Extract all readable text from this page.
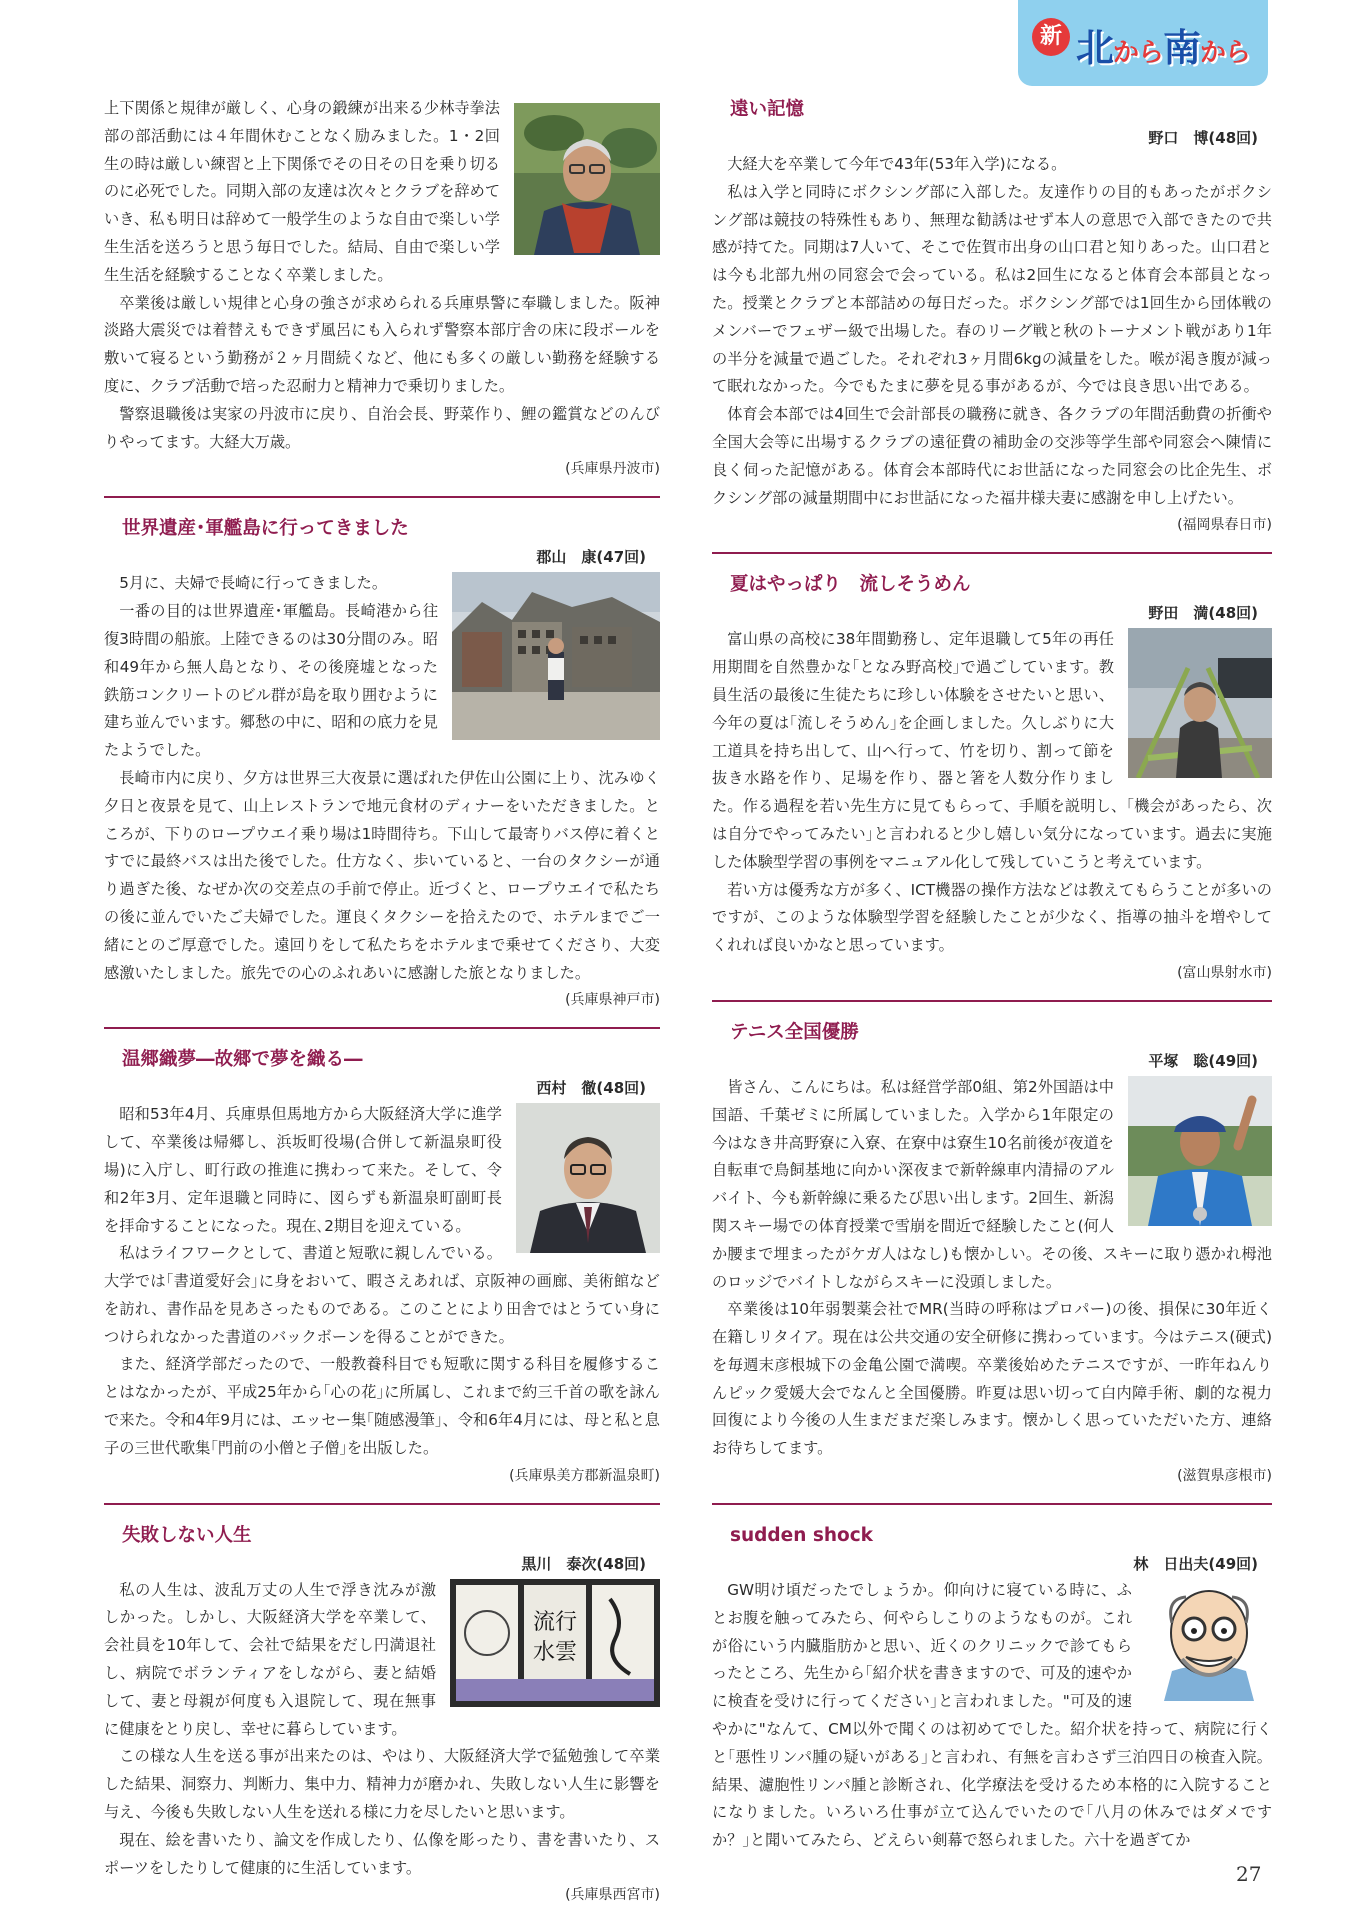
新 北から南から

上下関係と規律が厳しく、心身の鍛練が出来る少林寺拳法部の部活動には４年間休むことなく励みました。1・2回生の時は厳しい練習と上下関係でその日その日を乗り切るのに必死でした。同期入部の友達は次々とクラブを辞めていき、私も明日は辞めて一般学生のような自由で楽しい学生生活を送ろうと思う毎日でした。結局、自由で楽しい学生生活を経験することなく卒業しました。

卒業後は厳しい規律と心身の強さが求められる兵庫県警に奉職しました。阪神淡路大震災では着替えもできず風呂にも入られず警察本部庁舎の床に段ボールを敷いて寝るという勤務が２ヶ月間続くなど、他にも多くの厳しい勤務を経験する度に、クラブ活動で培った忍耐力と精神力で乗切りました。

警察退職後は実家の丹波市に戻り、自治会長、野菜作り、鯉の鑑賞などのんびりやってます。大経大万歳。

(兵庫県丹波市)
世界遺産･軍艦島に行ってきました
郡山　康(47回)

5月に、夫婦で長崎に行ってきました。

一番の目的は世界遺産･軍艦島。長崎港から往復3時間の船旅。上陸できるのは30分間のみ。昭和49年から無人島となり、その後廃墟となった鉄筋コンクリートのビル群が島を取り囲むように建ち並んでいます。郷愁の中に、昭和の底力を見たようでした。

長崎市内に戻り、夕方は世界三大夜景に選ばれた伊佐山公園に上り、沈みゆく夕日と夜景を見て、山上レストランで地元食材のディナーをいただきました。ところが、下りのロープウエイ乗り場は1時間待ち。下山して最寄りバス停に着くとすでに最終バスは出た後でした。仕方なく、歩いていると、一台のタクシーが通り過ぎた後、なぜか次の交差点の手前で停止。近づくと、ロープウエイで私たちの後に並んでいたご夫婦でした。運良くタクシーを拾えたので、ホテルまでご一緒にとのご厚意でした。遠回りをして私たちをホテルまで乗せてくださり、大変感激いたしました。旅先での心のふれあいに感謝した旅となりました。

(兵庫県神戸市)
温郷織夢―故郷で夢を織る―
西村　徹(48回)

昭和53年4月、兵庫県但馬地方から大阪経済大学に進学して、卒業後は帰郷し、浜坂町役場(合併して新温泉町役場)に入庁し、町行政の推進に携わって来た。そして、令和2年3月、定年退職と同時に、図らずも新温泉町副町長を拝命することになった。現在､2期目を迎えている。

私はライフワークとして、書道と短歌に親しんでいる。大学では｢書道愛好会｣に身をおいて、暇さえあれば、京阪神の画廊、美術館などを訪れ、書作品を見あさったものである。このことにより田舎ではとうてい身につけられなかった書道のバックボーンを得ることができた。

また、経済学部だったので、一般教養科目でも短歌に関する科目を履修することはなかったが、平成25年から｢心の花｣に所属し、これまで約三千首の歌を詠んで来た。令和4年9月には、エッセー集｢随感漫筆｣、令和6年4月には、母と私と息子の三世代歌集｢門前の小僧と子僧｣を出版した。

(兵庫県美方郡新温泉町)
失敗しない人生
黒川　泰次(48回)
流行
水雲

私の人生は、波乱万丈の人生で浮き沈みが激しかった。しかし、大阪経済大学を卒業して、会社員を10年して、会社で結果をだし円満退社し、病院でボランティアをしながら、妻と結婚して、妻と母親が何度も入退院して、現在無事に健康をとり戻し、幸せに暮らしています。

この様な人生を送る事が出来たのは、やはり、大阪経済大学で猛勉強して卒業した結果、洞察力、判断力、集中力、精神力が磨かれ、失敗しない人生に影響を与え、今後も失敗しない人生を送れる様に力を尽したいと思います。

現在、絵を書いたり、論文を作成したり、仏像を彫ったり、書を書いたり、スポーツをしたりして健康的に生活しています。

(兵庫県西宮市)
遠い記憶
野口　博(48回)

大経大を卒業して今年で43年(53年入学)になる。

私は入学と同時にボクシング部に入部した。友達作りの目的もあったがボクシング部は競技の特殊性もあり、無理な勧誘はせず本人の意思で入部できたので共感が持てた。同期は7人いて、そこで佐賀市出身の山口君と知りあった。山口君とは今も北部九州の同窓会で会っている。私は2回生になると体育会本部員となった。授業とクラブと本部詰めの毎日だった。ボクシング部では1回生から団体戦のメンバーでフェザー級で出場した。春のリーグ戦と秋のトーナメント戦があり1年の半分を減量で過ごした。それぞれ3ヶ月間6kgの減量をした。喉が渇き腹が減って眠れなかった。今でもたまに夢を見る事があるが、今では良き思い出である。

体育会本部では4回生で会計部長の職務に就き、各クラブの年間活動費の折衝や全国大会等に出場するクラブの遠征費の補助金の交渉等学生部や同窓会へ陳情に良く伺った記憶がある。体育会本部時代にお世話になった同窓会の比企先生、ボクシング部の減量期間中にお世話になった福井様夫妻に感謝を申し上げたい。

(福岡県春日市)
夏はやっぱり　流しそうめん
野田　満(48回)

富山県の高校に38年間勤務し、定年退職して5年の再任用期間を自然豊かな｢となみ野高校｣で過ごしています。教員生活の最後に生徒たちに珍しい体験をさせたいと思い、今年の夏は｢流しそうめん｣を企画しました。久しぶりに大工道具を持ち出して、山へ行って、竹を切り、割って節を抜き水路を作り、足場を作り、器と箸を人数分作りました。作る過程を若い先生方に見てもらって、手順を説明し、｢機会があったら、次は自分でやってみたい｣と言われると少し嬉しい気分になっています。過去に実施した体験型学習の事例をマニュアル化して残していこうと考えています。

若い方は優秀な方が多く、ICT機器の操作方法などは教えてもらうことが多いのですが、このような体験型学習を経験したことが少なく、指導の抽斗を増やしてくれれば良いかなと思っています。

(富山県射水市)
テニス全国優勝
平塚　聡(49回)

皆さん、こんにちは。私は経営学部0組、第2外国語は中国語、千葉ゼミに所属していました。入学から1年限定の今はなき井高野寮に入寮、在寮中は寮生10名前後が夜道を自転車で鳥飼基地に向かい深夜まで新幹線車内清掃のアルバイト、今も新幹線に乗るたび思い出します。2回生、新潟関スキー場での体育授業で雪崩を間近で経験したこと(何人か腰まで埋まったがケガ人はなし)も懐かしい。その後、スキーに取り憑かれ栂池のロッジでバイトしながらスキーに没頭しました。

卒業後は10年弱製薬会社でMR(当時の呼称はプロパー)の後、損保に30年近く在籍しリタイア。現在は公共交通の安全研修に携わっています。今はテニス(硬式)を毎週末彦根城下の金亀公園で満喫。卒業後始めたテニスですが、一昨年ねんりんピック愛媛大会でなんと全国優勝。昨夏は思い切って白内障手術、劇的な視力回復により今後の人生まだまだ楽しみます。懐かしく思っていただいた方、連絡お待ちしてます。

(滋賀県彦根市)
sudden shock
林　日出夫(49回)

GW明け頃だったでしょうか。仰向けに寝ている時に、ふとお腹を触ってみたら、何やらしこりのようなものが。これが俗にいう内臓脂肪かと思い、近くのクリニックで診てもらったところ、先生から｢紹介状を書きますので、可及的速やかに検査を受けに行ってください｣と言われました。"可及的速やかに"なんて、CM以外で聞くのは初めてでした。紹介状を持って、病院に行くと｢悪性リンパ腫の疑いがある｣と言われ、有無を言わさず三泊四日の検査入院。結果、濾胞性リンパ腫と診断され、化学療法を受けるため本格的に入院することになりました。いろいろ仕事が立て込んでいたので｢八月の休みではダメですか？｣と聞いてみたら、どえらい剣幕で怒られました。六十を過ぎてか

27
